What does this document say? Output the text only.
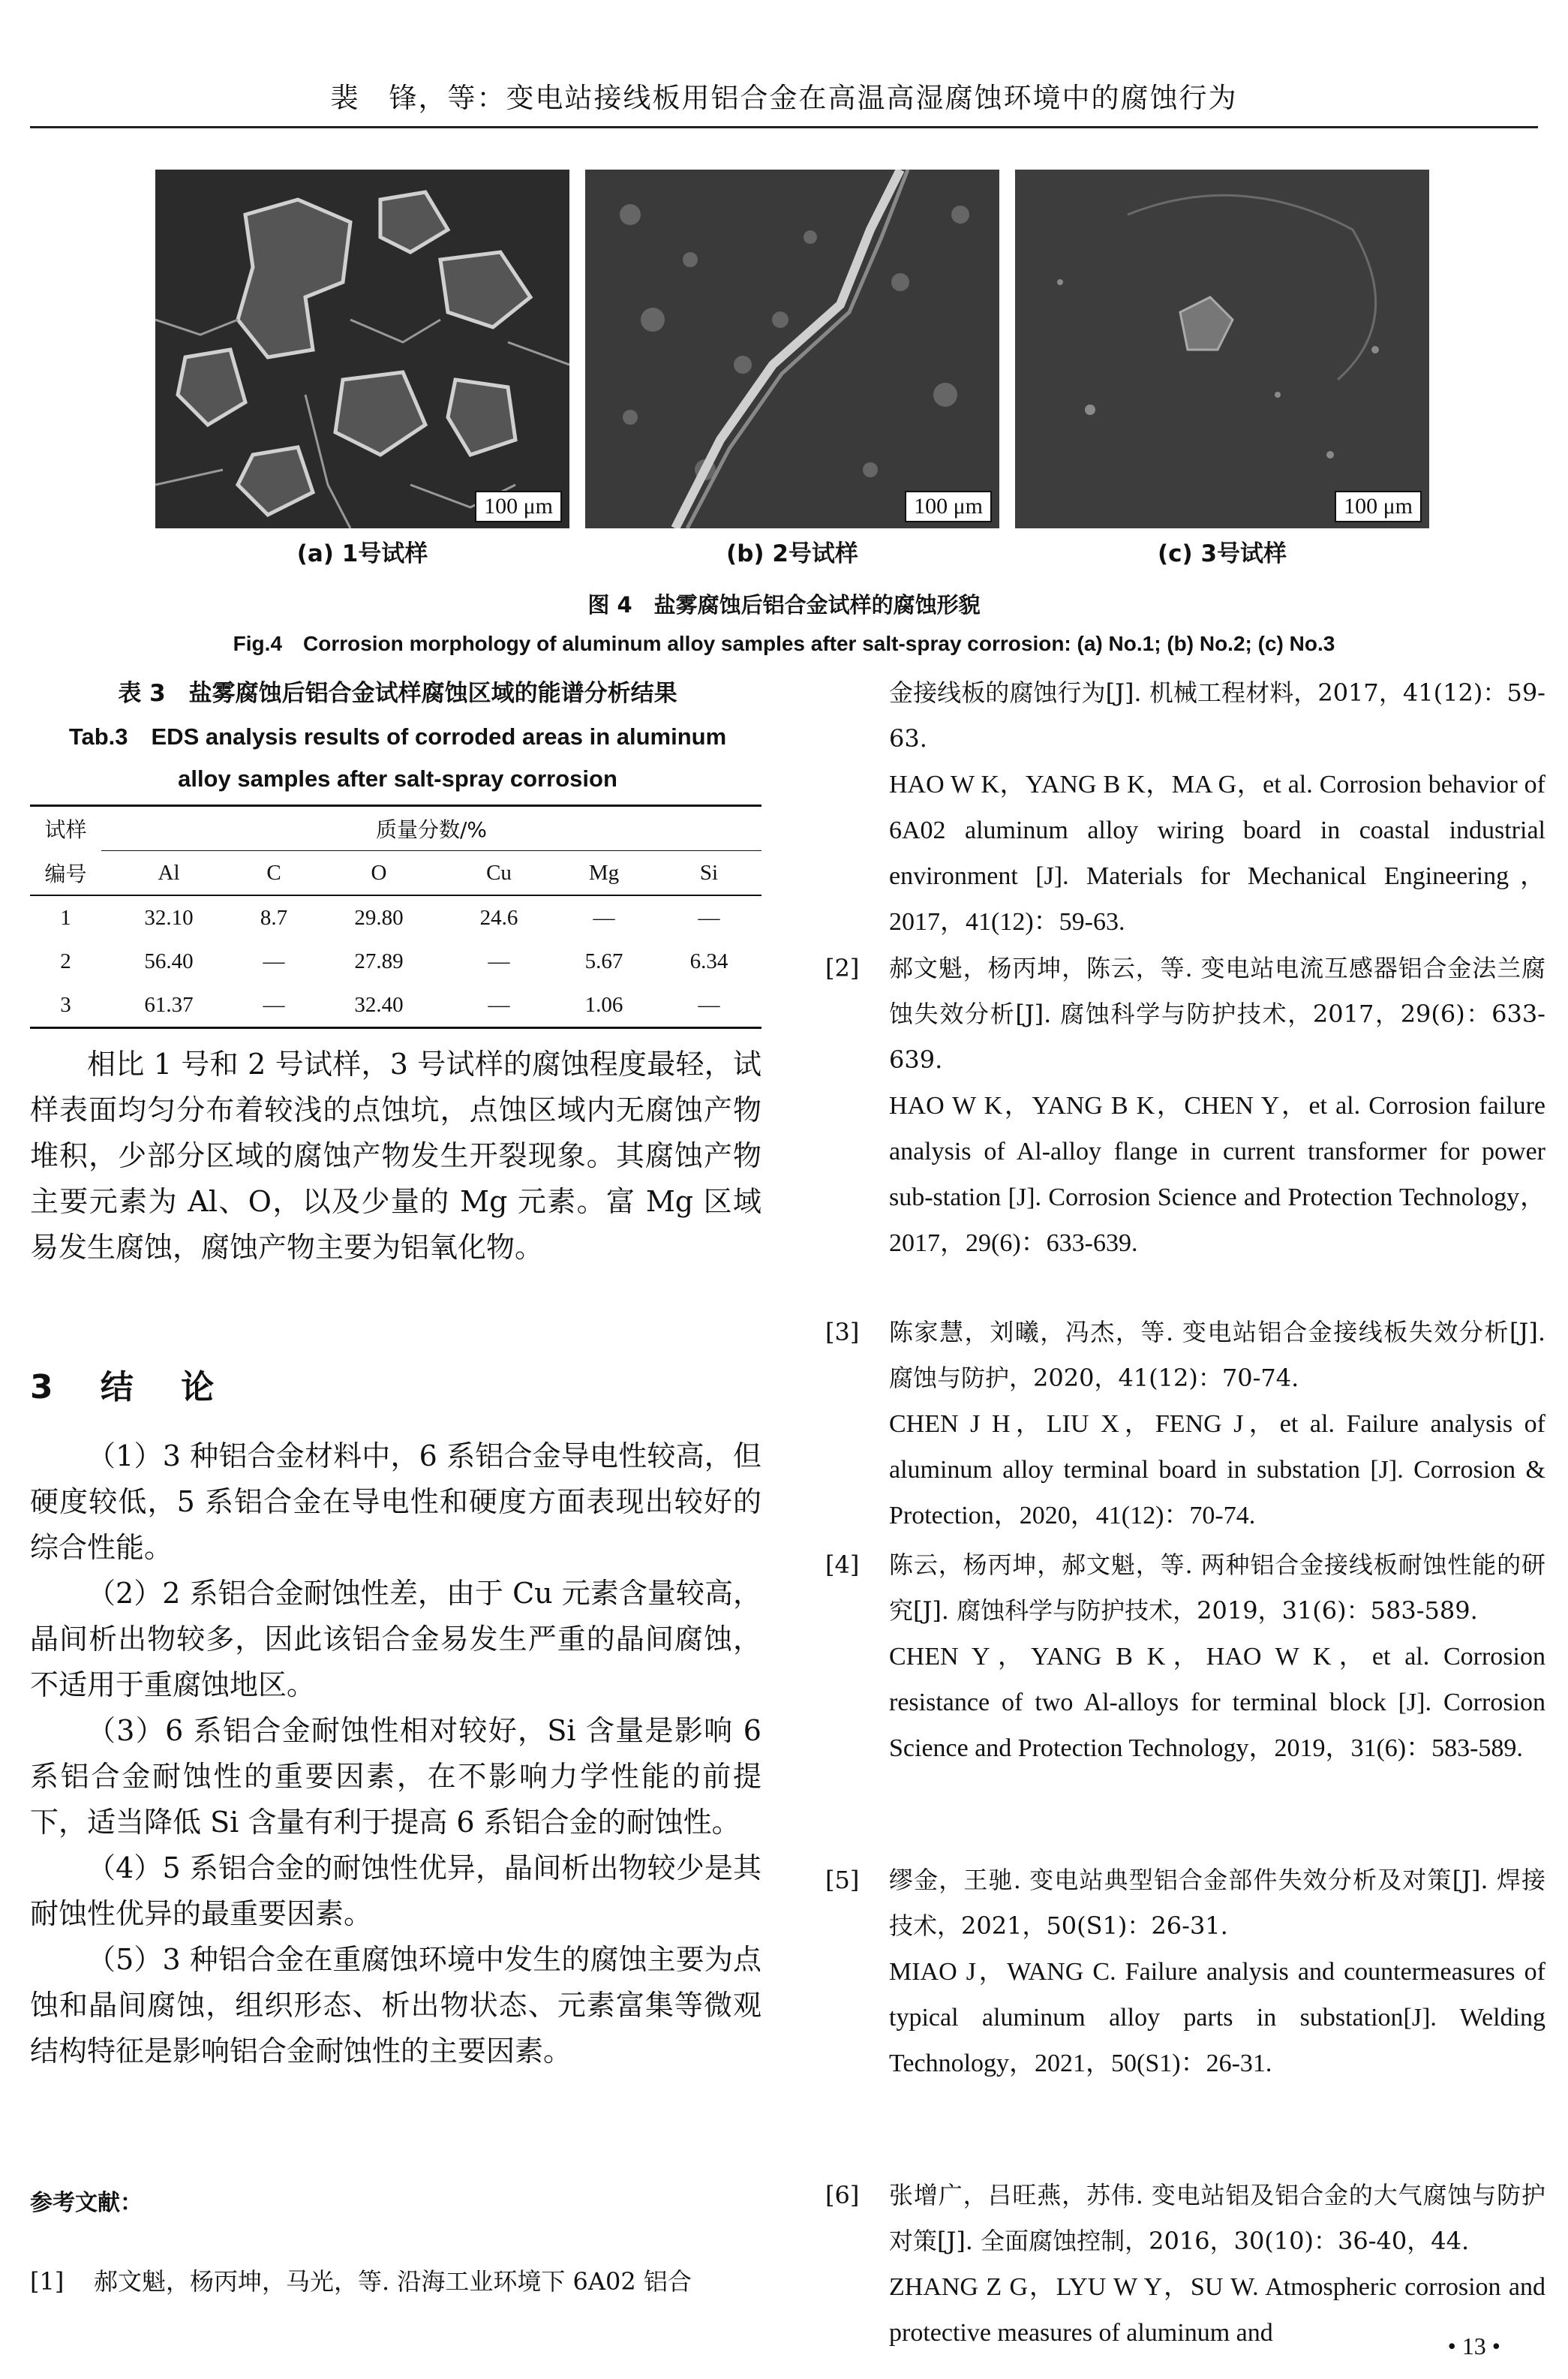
裴　锋，等：变电站接线板用铝合金在高温高湿腐蚀环境中的腐蚀行为
100 μm	100 μm	100 μm
(a) 1号试样	(b) 2号试样	(c) 3号试样
图 4　盐雾腐蚀后铝合金试样的腐蚀形貌
Fig.4　Corrosion morphology of aluminum alloy samples after salt-spray corrosion: (a) No.1; (b) No.2; (c) No.3
表 3　盐雾腐蚀后铝合金试样腐蚀区域的能谱分析结果
Tab.3　EDS analysis results of corroded areas in aluminum
alloy samples after salt-spray corrosion
试样	质量分数/%					
编号	Al	C	O	Cu	Mg	Si
1	32.10	8.7	29.80	24.6	—	—
2	56.40	—	27.89	—	5.67	6.34
3	61.37	—	32.40	—	1.06	—

相比 1 号和 2 号试样，3 号试样的腐蚀程度最轻，试样表面均匀分布着较浅的点蚀坑，点蚀区域内无腐蚀产物堆积，少部分区域的腐蚀产物发生开裂现象。其腐蚀产物主要元素为 Al、O，以及少量的 Mg 元素。富 Mg 区域易发生腐蚀，腐蚀产物主要为铝氧化物。

3 结 论

（1）3 种铝合金材料中，6 系铝合金导电性较高，但硬度较低，5 系铝合金在导电性和硬度方面表现出较好的综合性能。

（2）2 系铝合金耐蚀性差，由于 Cu 元素含量较高，晶间析出物较多，因此该铝合金易发生严重的晶间腐蚀，不适用于重腐蚀地区。

（3）6 系铝合金耐蚀性相对较好，Si 含量是影响 6 系铝合金耐蚀性的重要因素，在不影响力学性能的前提下，适当降低 Si 含量有利于提高 6 系铝合金的耐蚀性。

（4）5 系铝合金的耐蚀性优异，晶间析出物较少是其耐蚀性优异的最重要因素。

（5）3 种铝合金在重腐蚀环境中发生的腐蚀主要为点蚀和晶间腐蚀，组织形态、析出物状态、元素富集等微观结构特征是影响铝合金耐蚀性的主要因素。

参考文献：
[1] 郝文魁，杨丙坤，马光，等. 沿海工业环境下 6A02 铝合
金接线板的腐蚀行为[J]. 机械工程材料，2017，41(12)：59-63.
HAO W K，YANG B K，MA G，et al. Corrosion behavior of 6A02 aluminum alloy wiring board in coastal industrial environment [J]. Materials for Mechanical Engineering，2017，41(12)：59-63.
[2] 郝文魁，杨丙坤，陈云，等. 变电站电流互感器铝合金法兰腐蚀失效分析[J]. 腐蚀科学与防护技术，2017，29(6)：633-639.
HAO W K，YANG B K，CHEN Y，et al. Corrosion failure analysis of Al-alloy flange in current transformer for power sub-station [J]. Corrosion Science and Protection Technology，2017，29(6)：633-639.
[3] 陈家慧，刘曦，冯杰，等. 变电站铝合金接线板失效分析[J]. 腐蚀与防护，2020，41(12)：70-74.
CHEN J H，LIU X，FENG J，et al. Failure analysis of aluminum alloy terminal board in substation [J]. Corrosion & Protection，2020，41(12)：70-74.
[4] 陈云，杨丙坤，郝文魁，等. 两种铝合金接线板耐蚀性能的研究[J]. 腐蚀科学与防护技术，2019，31(6)：583-589.
CHEN Y，YANG B K，HAO W K，et al. Corrosion resistance of two Al-alloys for terminal block [J]. Corrosion Science and Protection Technology，2019，31(6)：583-589.
[5] 缪金，王驰. 变电站典型铝合金部件失效分析及对策[J]. 焊接技术，2021，50(S1)：26-31.
MIAO J，WANG C. Failure analysis and countermeasures of typical aluminum alloy parts in substation[J]. Welding Technology，2021，50(S1)：26-31.
[6] 张增广，吕旺燕，苏伟. 变电站铝及铝合金的大气腐蚀与防护对策[J]. 全面腐蚀控制，2016，30(10)：36-40，44.
ZHANG Z G，LYU W Y，SU W. Atmospheric corrosion and protective measures of aluminum and	• 13 •
